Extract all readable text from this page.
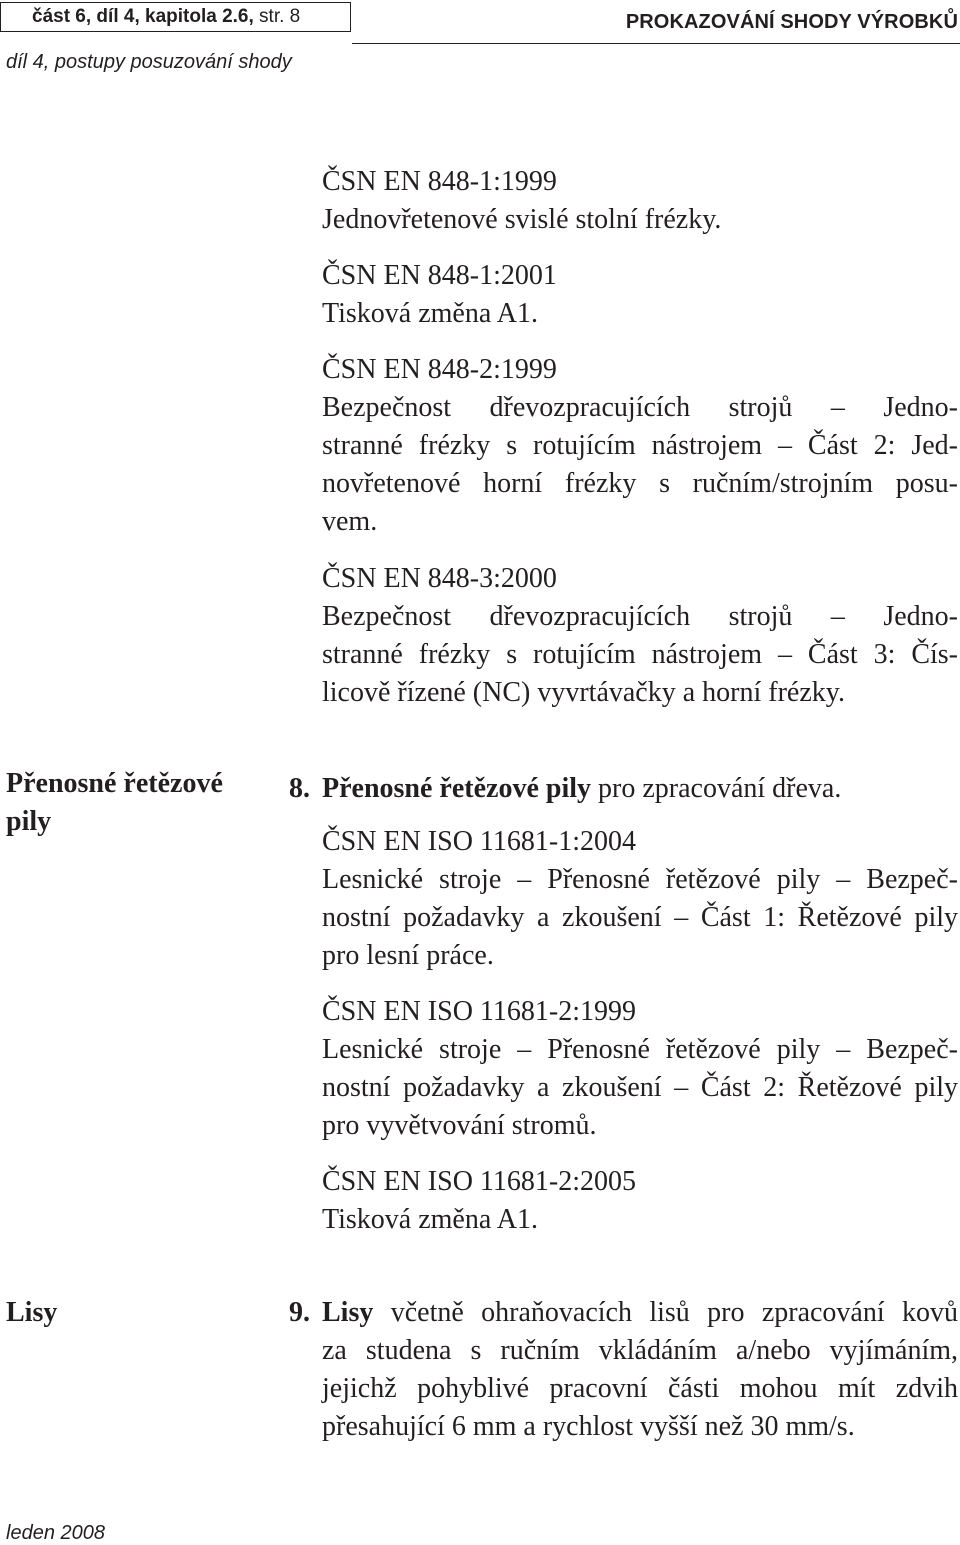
část 6, díl 4, kapitola 2.6, str. 8	PROKAZOVÁNÍ SHODY VÝROBKŮ
díl 4, postupy posuzování shody

ČSN EN 848-1:1999

Jednovřetenové svislé stolní frézky.

ČSN EN 848-1:2001

Tisková změna A1.

ČSN EN 848-2:1999

Bezpečnost dřevozpracujících strojů – Jedno-

stranné frézky s rotujícím nástrojem – Část 2: Jed-

novřetenové horní frézky s ručním/strojním posu-

vem.

ČSN EN 848-3:2000

Bezpečnost dřevozpracujících strojů – Jedno-

stranné frézky s rotujícím nástrojem – Část 3: Čís-

licově řízené (NC) vyvrtávačky a horní frézky.

Přenosné řetězové
pily
8. Přenosné řetězové pily pro zpracování dřeva.

ČSN EN ISO 11681-1:2004

Lesnické stroje – Přenosné řetězové pily – Bezpeč-

nostní požadavky a zkoušení – Část 1: Řetězové pily

pro lesní práce.

ČSN EN ISO 11681-2:1999

Lesnické stroje – Přenosné řetězové pily – Bezpeč-

nostní požadavky a zkoušení – Část 2: Řetězové pily

pro vyvětvování stromů.

ČSN EN ISO 11681-2:2005

Tisková změna A1.

Lisy	9. Lisy včetně ohraňovacích lisů pro zpracování kovů

za studena s ručním vkládáním a/nebo vyjímáním,

jejichž pohyblivé pracovní části mohou mít zdvih

přesahující 6 mm a rychlost vyšší než 30 mm/s.

leden 2008
